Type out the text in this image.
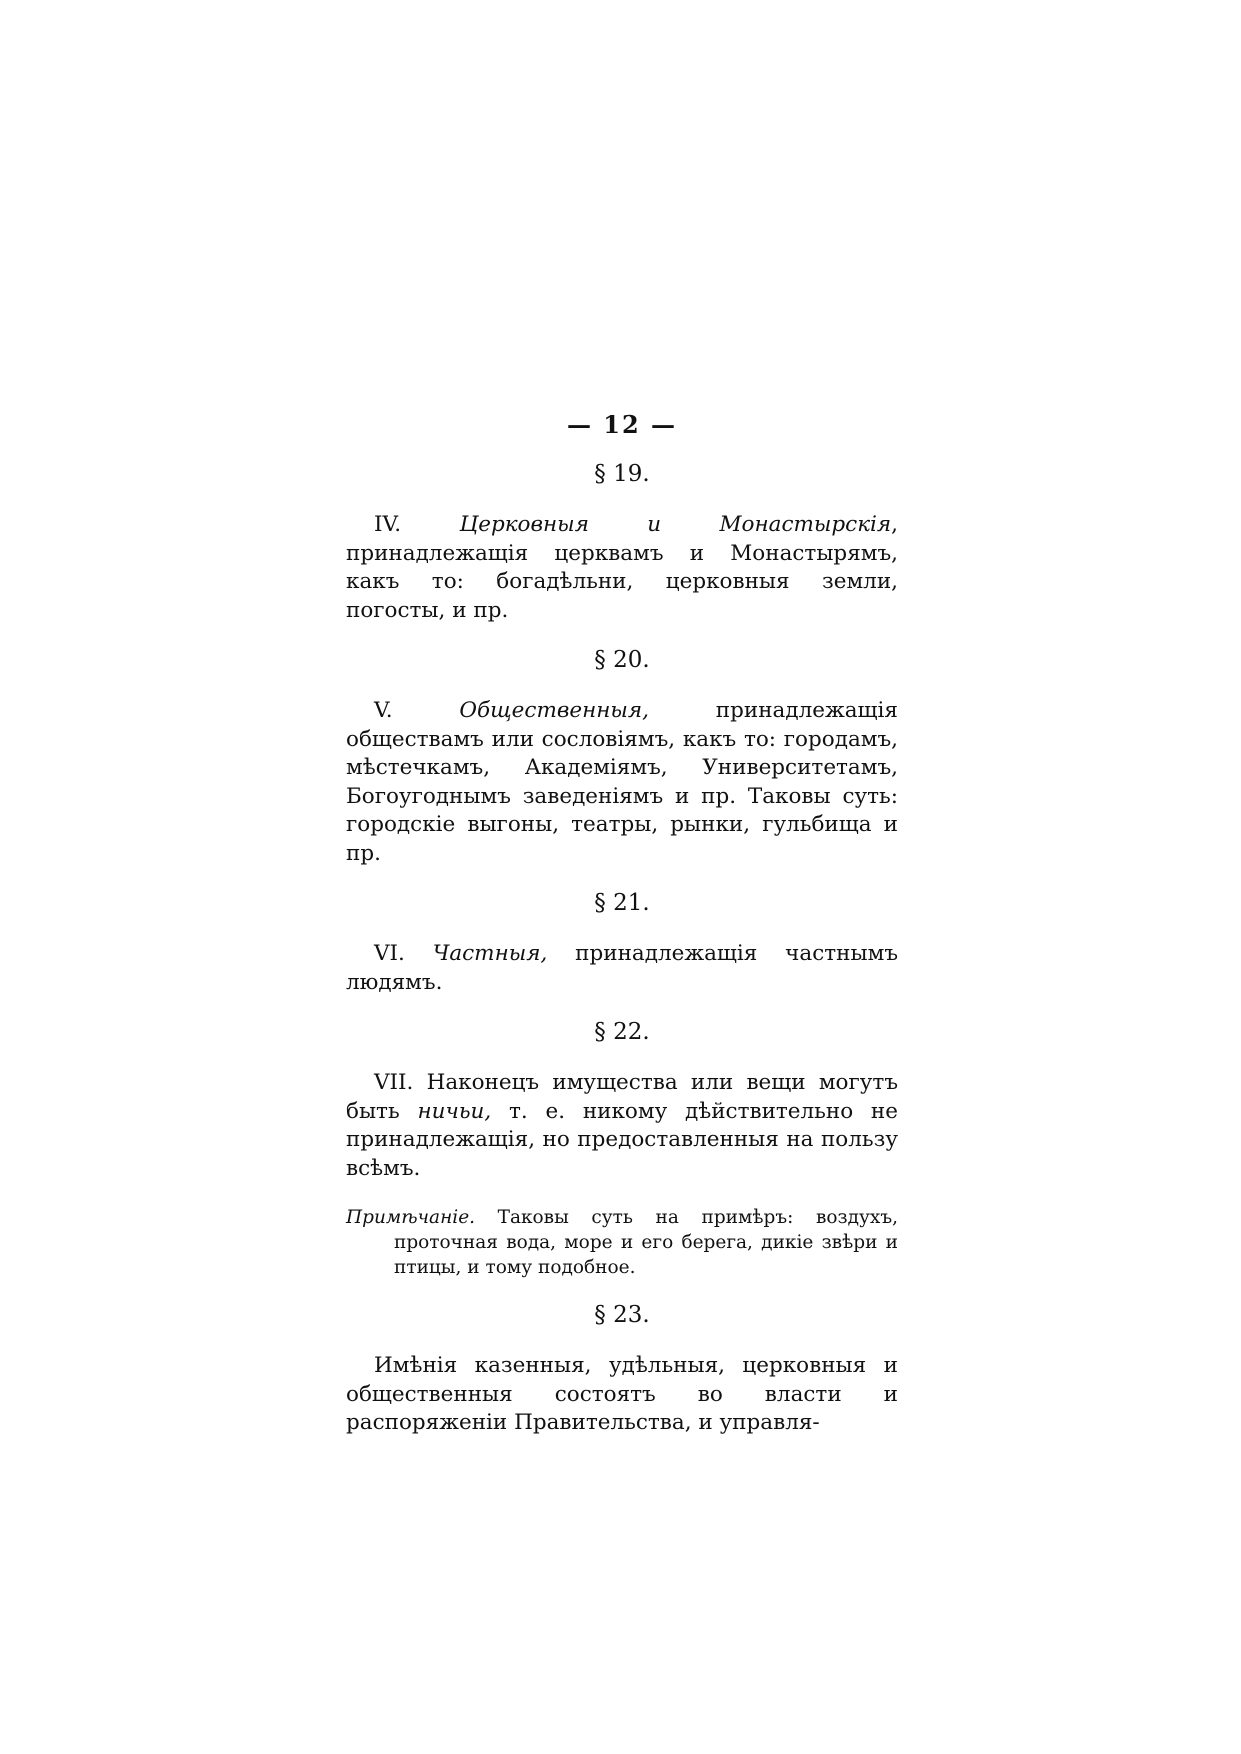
— 12 —
§ 19.
IV.	Церковныя и Монастырскія, принадлежащія церквамъ и Монастырямъ, какъ то: богадѣльни, церковныя земли, погосты, и пр.
§ 20.
V.	Общественныя, принадлежащія обществамъ или сословіямъ, какъ то: городамъ, мѣстечкамъ, Академіямъ, Университетамъ, Богоугоднымъ заведеніямъ и пр. Таковы суть: городскіе выгоны, театры, рынки, гульбища и пр.
§ 21.
VI. Частныя, принадлежащія частнымъ людямъ.
§ 22.
VII. Наконецъ имущества или вещи могутъ быть ничьи, т. е. никому дѣйствительно не принадлежащія, но предоставленныя на пользу всѣмъ.
Примѣчаніе. Таковы суть на примѣръ: воздухъ, проточная вода, море и его берега, дикіе звѣри и птицы, и тому подобное.
§ 23.
Имѣнія казенныя, удѣльныя, церковныя и общественныя состоятъ во власти и распоряженіи Правительства, и управля-
